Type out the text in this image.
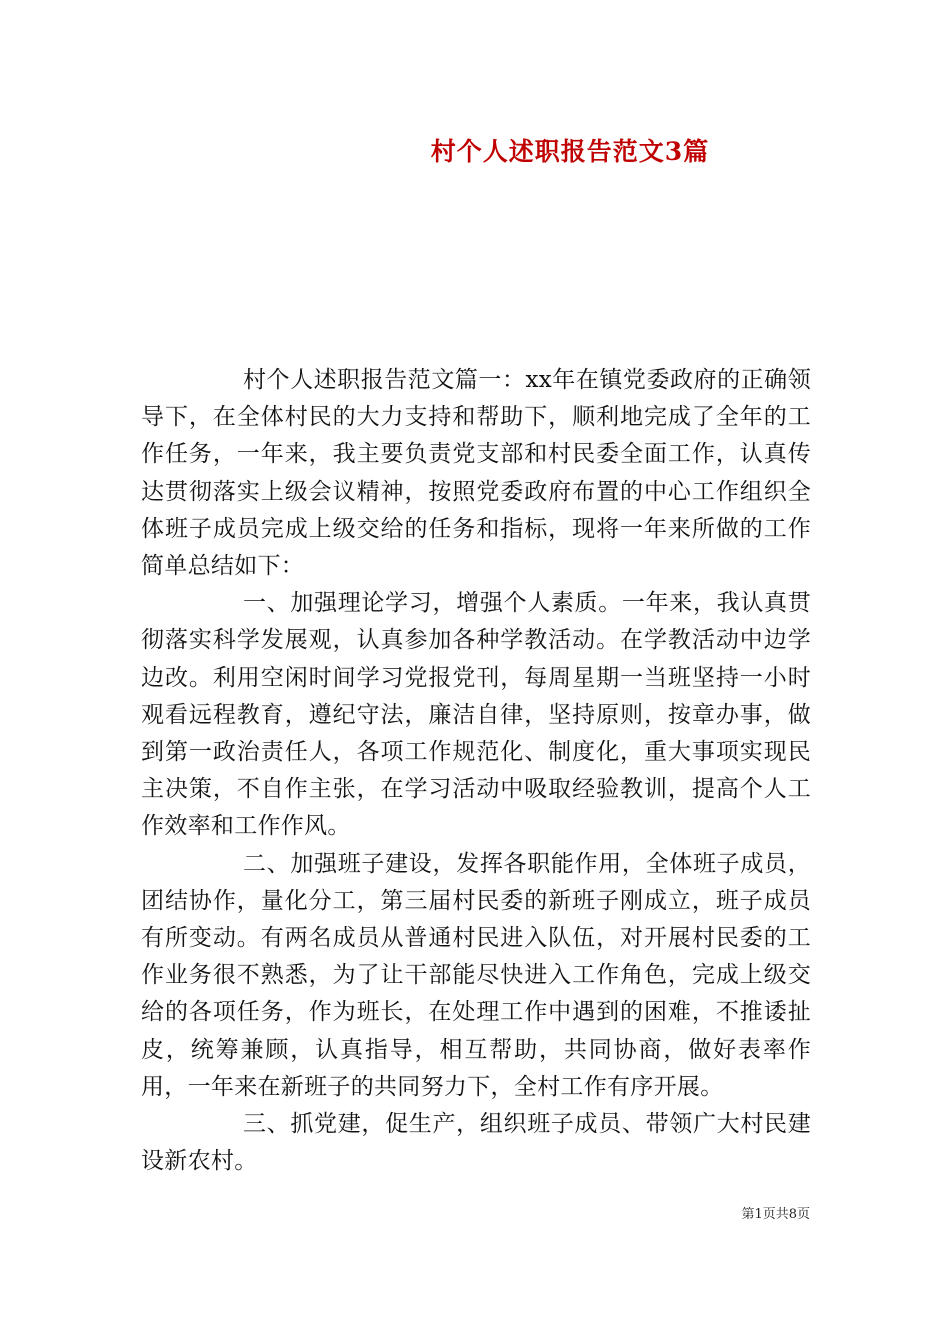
村个人述职报告范文3篇

村个人述职报告范文篇一：xx年在镇党委政府的正确领导下，在全体村民的大力支持和帮助下，顺利地完成了全年的工作任务，一年来，我主要负责党支部和村民委全面工作，认真传达贯彻落实上级会议精神，按照党委政府布置的中心工作组织全体班子成员完成上级交给的任务和指标，现将一年来所做的工作简单总结如下：

一、加强理论学习，增强个人素质。一年来，我认真贯彻落实科学发展观，认真参加各种学教活动。在学教活动中边学边改。利用空闲时间学习党报党刊，每周星期一当班坚持一小时观看远程教育，遵纪守法，廉洁自律，坚持原则，按章办事，做到第一政治责任人，各项工作规范化、制度化，重大事项实现民主决策，不自作主张，在学习活动中吸取经验教训，提高个人工作效率和工作作风。

二、加强班子建设，发挥各职能作用，全体班子成员，团结协作，量化分工，第三届村民委的新班子刚成立，班子成员有所变动。有两名成员从普通村民进入队伍，对开展村民委的工作业务很不熟悉，为了让干部能尽快进入工作角色，完成上级交给的各项任务，作为班长，在处理工作中遇到的困难，不推诿扯皮，统筹兼顾，认真指导，相互帮助，共同协商，做好表率作用，一年来在新班子的共同努力下，全村工作有序开展。

三、抓党建，促生产，组织班子成员、带领广大村民建设新农村。

第1页共8页
